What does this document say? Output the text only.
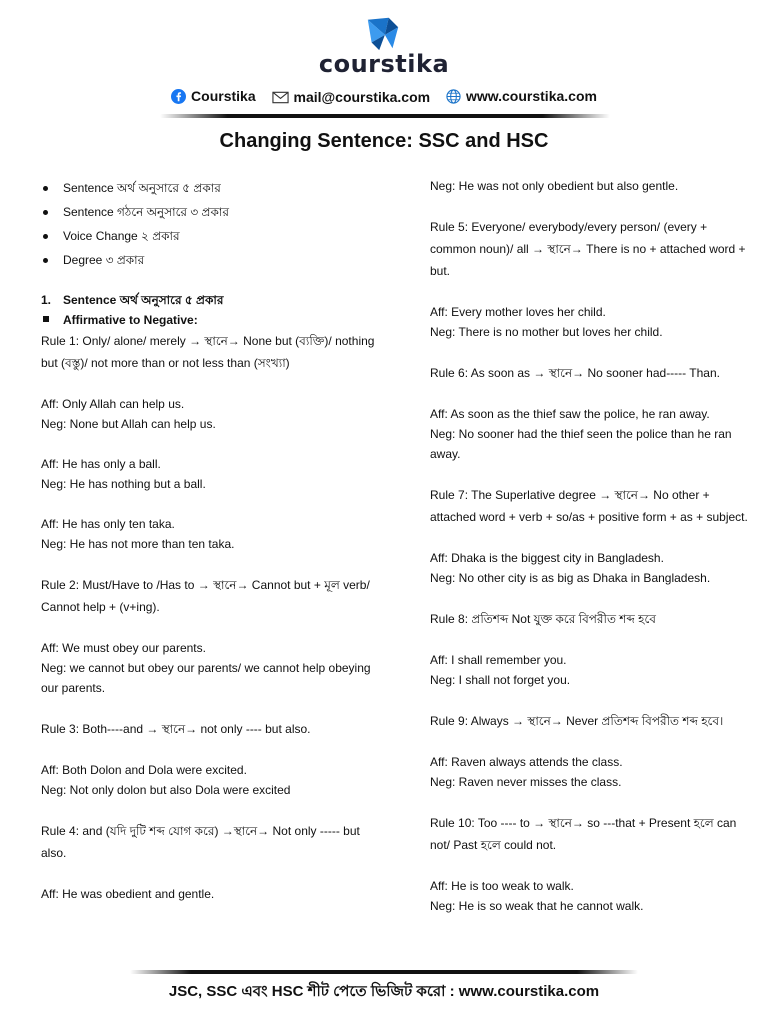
courstika
Courstika
	mail@courstika.com
	www.courstika.com
Changing Sentence: SSC and HSC
Sentence অর্থ অনুসারে ৫ প্রকার
Sentence গঠনে অনুসারে ৩ প্রকার
Voice Change ২ প্রকার
Degree ৩ প্রকার

1. Sentence অর্থ অনুসারে ৫ প্রকার

Affirmative to Negative:

Rule 1: Only/ alone/ merely → স্থানে→ None but (ব্যক্তি)/ nothing but (বস্তু)/ not more than or not less than (সংখ্যা)

Aff: Only Allah can help us.

Neg: None but Allah can help us.

Aff: He has only a ball.

Neg: He has nothing but a ball.

Aff: He has only ten taka.

Neg: He has not more than ten taka.

Rule 2: Must/Have to /Has to → স্থানে→ Cannot but + মূল verb/ Cannot help + (v+ing).

Aff: We must obey our parents.

Neg: we cannot but obey our parents/ we cannot help obeying our parents.

Rule 3: Both----and → স্থানে→ not only ---- but also.

Aff: Both Dolon and Dola were excited.

Neg: Not only dolon but also Dola were excited

Rule 4: and (যদি দুটি শব্দ যোগ করে) →স্থানে→ Not only ----- but also.

Aff: He was obedient and gentle.

Neg: He was not only obedient but also gentle.

Rule 5: Everyone/ everybody/every person/ (every + common noun)/ all → স্থানে→ There is no + attached word + but.

Aff: Every mother loves her child.

Neg: There is no mother but loves her child.

Rule 6: As soon as → স্থানে→ No sooner had----- Than.

Aff: As soon as the thief saw the police, he ran away.

Neg: No sooner had the thief seen the police than he ran away.

Rule 7: The Superlative degree → স্থানে→ No other + attached word + verb + so/as + positive form + as + subject.

Aff: Dhaka is the biggest city in Bangladesh.

Neg: No other city is as big as Dhaka in Bangladesh.

Rule 8: প্রতিশব্দ Not যুক্ত করে বিপরীত শব্দ হবে

Aff: I shall remember you.

Neg: I shall not forget you.

Rule 9: Always → স্থানে→ Never প্রতিশব্দ বিপরীত শব্দ হবে।

Aff: Raven always attends the class.

Neg: Raven never misses the class.

Rule 10: Too ---- to → স্থানে→ so ---that + Present হলে can not/ Past হলে could not.

Aff: He is too weak to walk.

Neg: He is so weak that he cannot walk.

JSC, SSC এবং HSC শীট পেতে ভিজিট করো : www.courstika.com
